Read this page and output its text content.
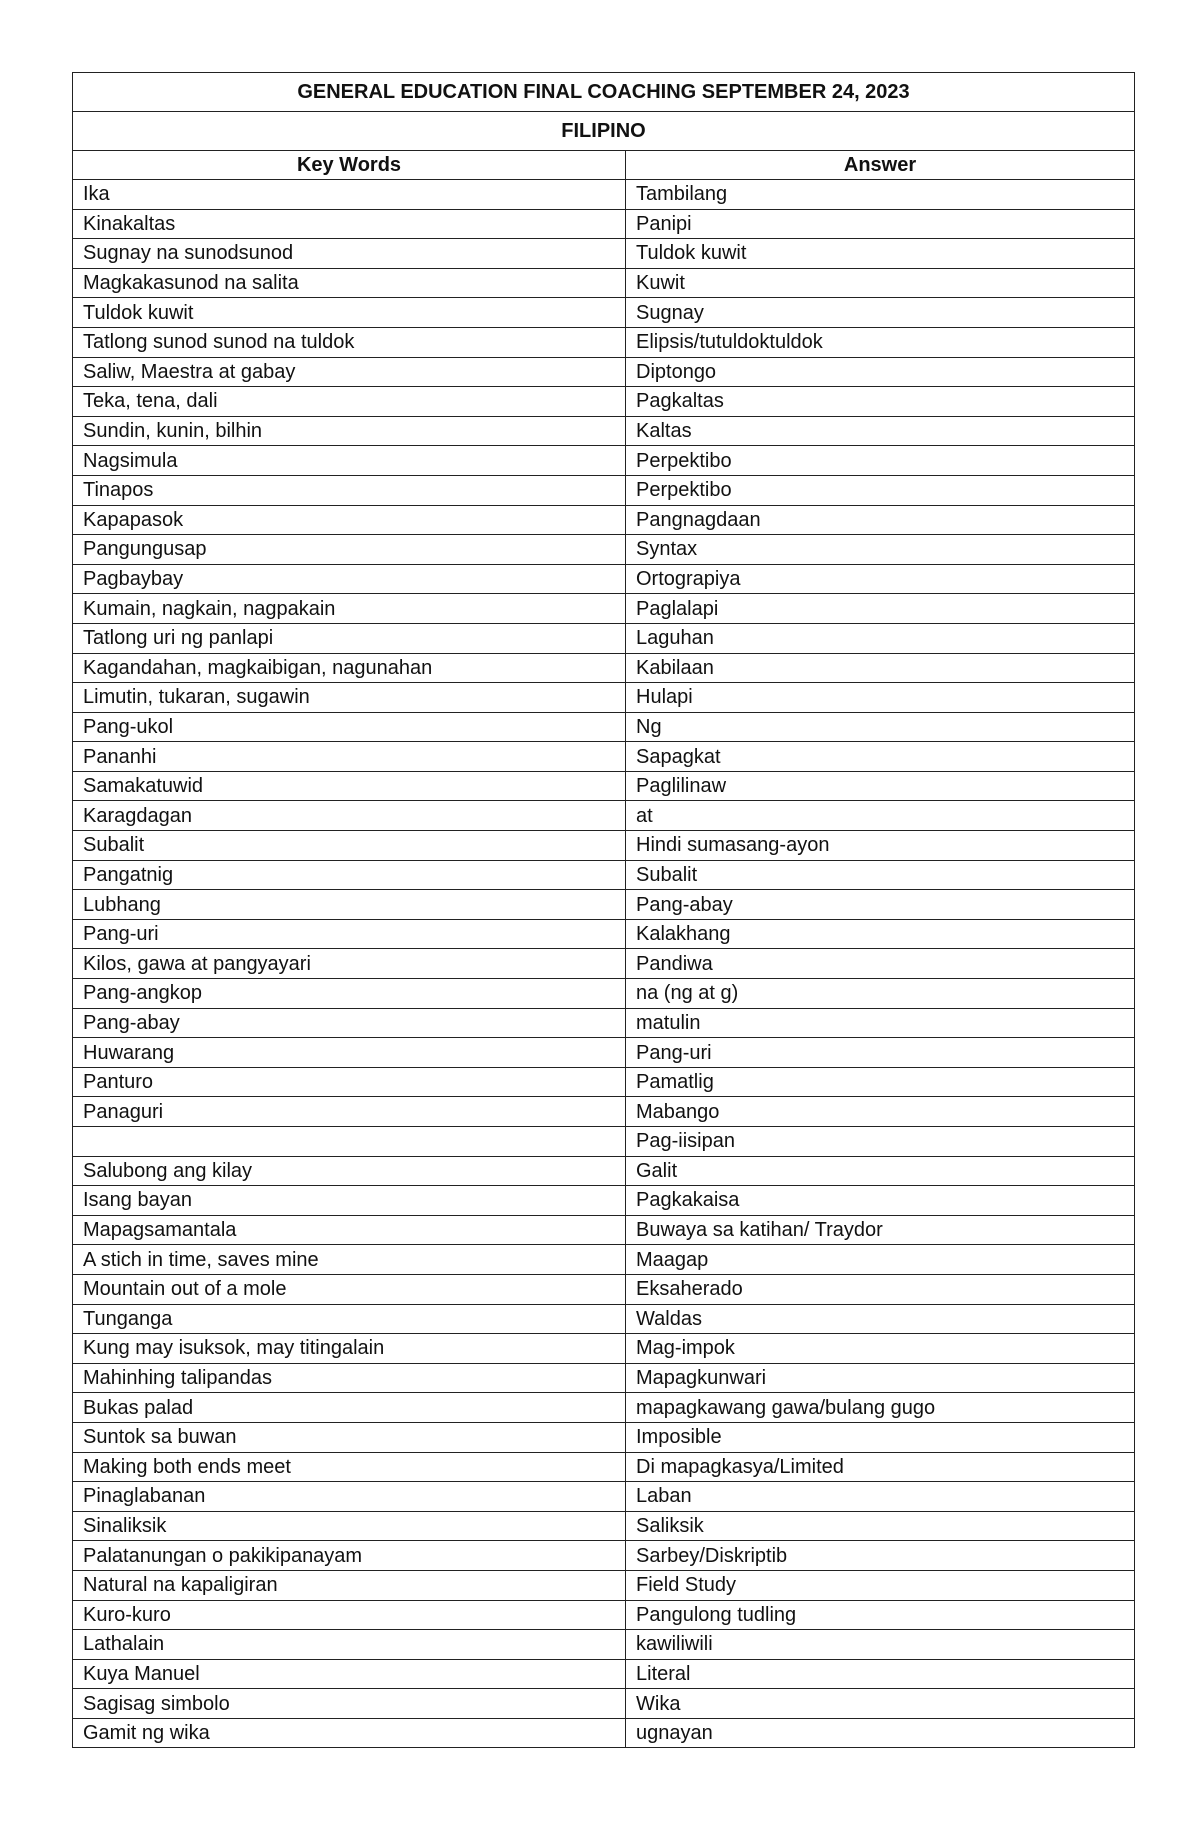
GENERAL EDUCATION FINAL COACHING SEPTEMBER 24, 2023	
FILIPINO	
Key Words	Answer
Ika	Tambilang
Kinakaltas	Panipi
Sugnay na sunodsunod	Tuldok kuwit
Magkakasunod na salita	Kuwit
Tuldok kuwit	Sugnay
Tatlong sunod sunod na tuldok	Elipsis/tutuldoktuldok
Saliw, Maestra at gabay	Diptongo
Teka, tena, dali	Pagkaltas
Sundin, kunin, bilhin	Kaltas
Nagsimula	Perpektibo
Tinapos	Perpektibo
Kapapasok	Pangnagdaan
Pangungusap	Syntax
Pagbaybay	Ortograpiya
Kumain, nagkain, nagpakain	Paglalapi
Tatlong uri ng panlapi	Laguhan
Kagandahan, magkaibigan, nagunahan	Kabilaan
Limutin, tukaran, sugawin	Hulapi
Pang-ukol	Ng
Pananhi	Sapagkat
Samakatuwid	Paglilinaw
Karagdagan	at
Subalit	Hindi sumasang-ayon
Pangatnig	Subalit
Lubhang	Pang-abay
Pang-uri	Kalakhang
Kilos, gawa at pangyayari	Pandiwa
Pang-angkop	na (ng at g)
Pang-abay	matulin
Huwarang	Pang-uri
Panturo	Pamatlig
Panaguri	Mabango
	Pag-iisipan
Salubong ang kilay	Galit
Isang bayan	Pagkakaisa
Mapagsamantala	Buwaya sa katihan/ Traydor
A stich in time, saves mine	Maagap
Mountain out of a mole	Eksaherado
Tunganga	Waldas
Kung may isuksok, may titingalain	Mag-impok
Mahinhing talipandas	Mapagkunwari
Bukas palad	mapagkawang gawa/bulang gugo
Suntok sa buwan	Imposible
Making both ends meet	Di mapagkasya/Limited
Pinaglabanan	Laban
Sinaliksik	Saliksik
Palatanungan o pakikipanayam	Sarbey/Diskriptib
Natural na kapaligiran	Field Study
Kuro-kuro	Pangulong tudling
Lathalain	kawiliwili
Kuya Manuel	Literal
Sagisag simbolo	Wika
Gamit ng wika	ugnayan
